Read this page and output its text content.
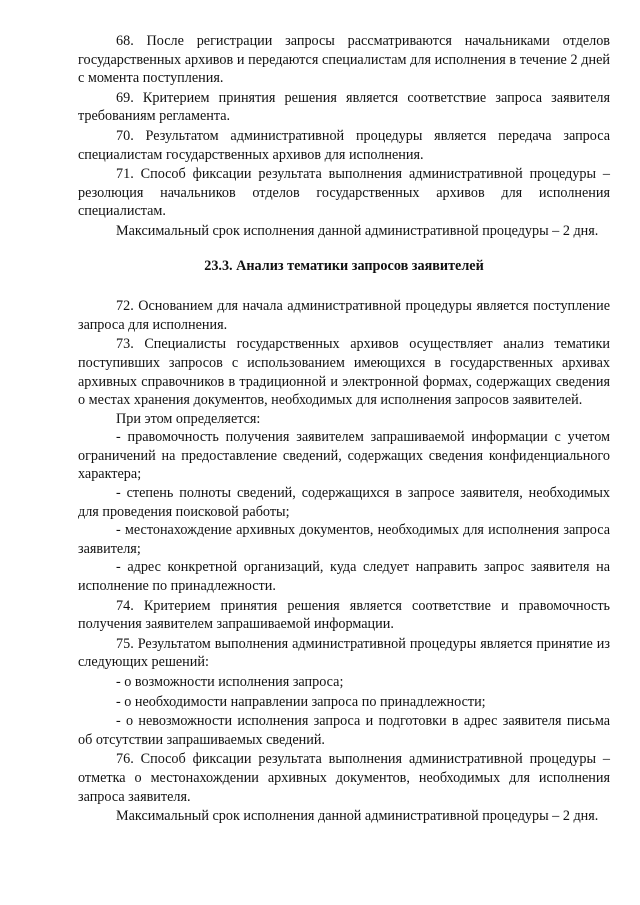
68. После регистрации запросы рассматриваются начальниками отделов государственных архивов и передаются специалистам для исполнения в течение 2 дней с момента поступления.

69. Критерием принятия решения является соответствие запроса заявителя требованиям регламента.

70. Результатом административной процедуры является передача запроса специалистам государственных архивов для исполнения.

71. Способ фиксации результата выполнения административной процедуры – резолюция начальников отделов государственных архивов для исполнения специалистам.

Максимальный срок исполнения данной административной процедуры – 2 дня.

23.3. Анализ тематики запросов заявителей

72. Основанием для начала административной процедуры является поступление запроса для исполнения.

73. Специалисты государственных архивов осуществляет анализ тематики поступивших запросов с использованием имеющихся в государственных архивах архивных справочников в традиционной и электронной формах, содержащих сведения о местах хранения документов, необходимых для исполнения запросов заявителей.

При этом определяется:

- правомочность получения заявителем запрашиваемой информации с учетом ограничений на предоставление сведений, содержащих сведения конфиденциального характера;

- степень полноты сведений, содержащихся в запросе заявителя, необходимых для проведения поисковой работы;

- местонахождение архивных документов, необходимых для исполнения запроса заявителя;

- адрес конкретной организаций, куда следует направить запрос заявителя на исполнение по принадлежности.

74. Критерием принятия решения является соответствие и правомочность получения заявителем запрашиваемой информации.

75. Результатом выполнения административной процедуры является принятие из следующих решений:

- о возможности исполнения запроса;

- о необходимости направлении запроса по принадлежности;

- о невозможности исполнения запроса и подготовки в адрес заявителя письма об отсутствии запрашиваемых сведений.

76. Способ фиксации результата выполнения административной процедуры – отметка о местонахождении архивных документов, необходимых для исполнения запроса заявителя.

Максимальный срок исполнения данной административной процедуры – 2 дня.
